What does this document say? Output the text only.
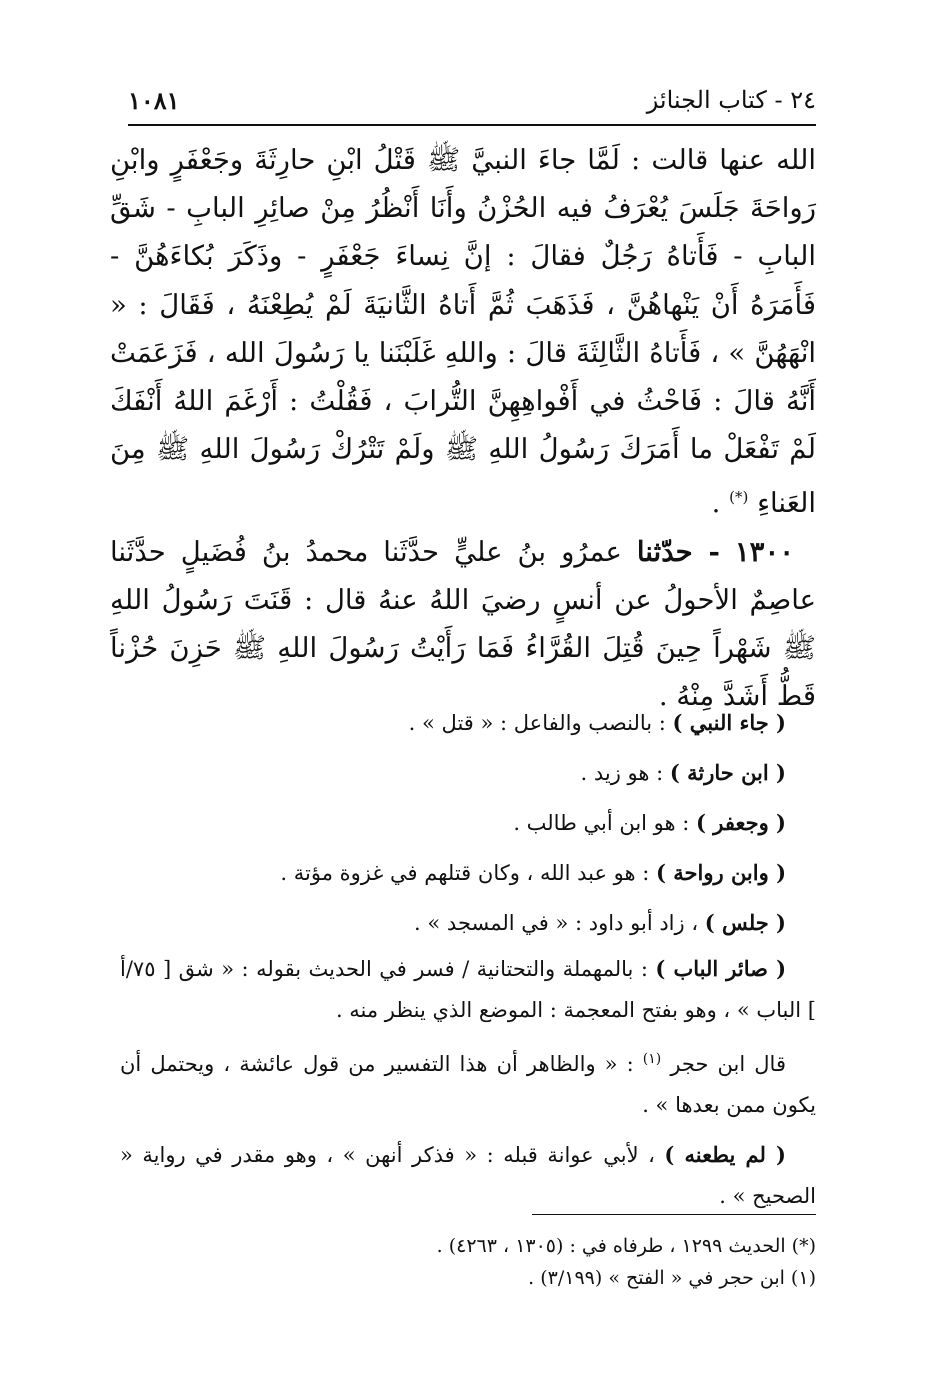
٢٤ - كتاب الجنائز
١٠٨١
الله عنها قالت : لَمَّا جاءَ النبيَّ ﷺ قَتْلُ ابْنِ حارِثَةَ وجَعْفَرٍ وابْنِ رَواحَةَ جَلَسَ يُعْرَفُ فيه الحُزْنُ وأَنَا أَنْظُرُ مِنْ صائِرِ البابِ - شَقِّ البابِ - فَأَتاهُ رَجُلٌ فقالَ : إنَّ نِساءَ جَعْفَرٍ - وذَكَرَ بُكاءَهُنَّ - فَأَمَرَهُ أَنْ يَنْهاهُنَّ ، فَذَهَبَ ثُمَّ أَتاهُ الثَّانيَةَ لَمْ يُطِعْنَهُ ، فَقَالَ : « انْهَهُنَّ » ، فَأَتاهُ الثَّالِثَةَ قالَ : واللهِ غَلَبْنَنا يا رَسُولَ الله ، فَزَعَمَتْ أَنَّهُ قالَ : فَاحْثُ في أَفْواهِهِنَّ التُّرابَ ، فَقُلْتُ : أَرْغَمَ اللهُ أَنْفَكَ لَمْ تَفْعَلْ ما أَمَرَكَ رَسُولُ اللهِ ﷺ ولَمْ تَتْرُكْ رَسُولَ اللهِ ﷺ مِنَ العَناءِ (*) .
١٣٠٠ - حدّثنا عمرُو بنُ عليٍّ حدَّثَنا محمدُ بنُ فُضَيلٍ حدَّثَنا عاصِمٌ الأحولُ عن أنسٍ رضيَ اللهُ عنهُ قال : قَنَتَ رَسُولُ اللهِ ﷺ شَهْراً حِينَ قُتِلَ القُرَّاءُ فَمَا رَأَيْتُ رَسُولَ اللهِ ﷺ حَزِنَ حُزْناً قَطُّ أَشَدَّ مِنْهُ .

( جاء النبي ) : بالنصب والفاعل : « قتل » .

( ابن حارثة ) : هو زيد .

( وجعفر ) : هو ابن أبي طالب .

( وابن رواحة ) : هو عبد الله ، وكان قتلهم في غزوة مؤتة .

( جلس ) ، زاد أبو داود : « في المسجد » .

( صائر الباب ) : بالمهملة والتحتانية / فسر في الحديث بقوله : « شق [ ٧٥/أ ] الباب » ، وهو بفتح المعجمة : الموضع الذي ينظر منه .

قال ابن حجر $^{(١)}$ : « والظاهر أن هذا التفسير من قول عائشة ، ويحتمل أن يكون ممن بعدها » .

( لم يطعنه ) ، لأبي عوانة قبله : « فذكر أنهن » ، وهو مقدر في رواية « الصحيح » .

(*) الحديث ١٢٩٩ ، طرفاه في : (١٣٠٥ ، ٤٢٦٣) .

(١) ابن حجر في « الفتح » (٣/١٩٩) .
